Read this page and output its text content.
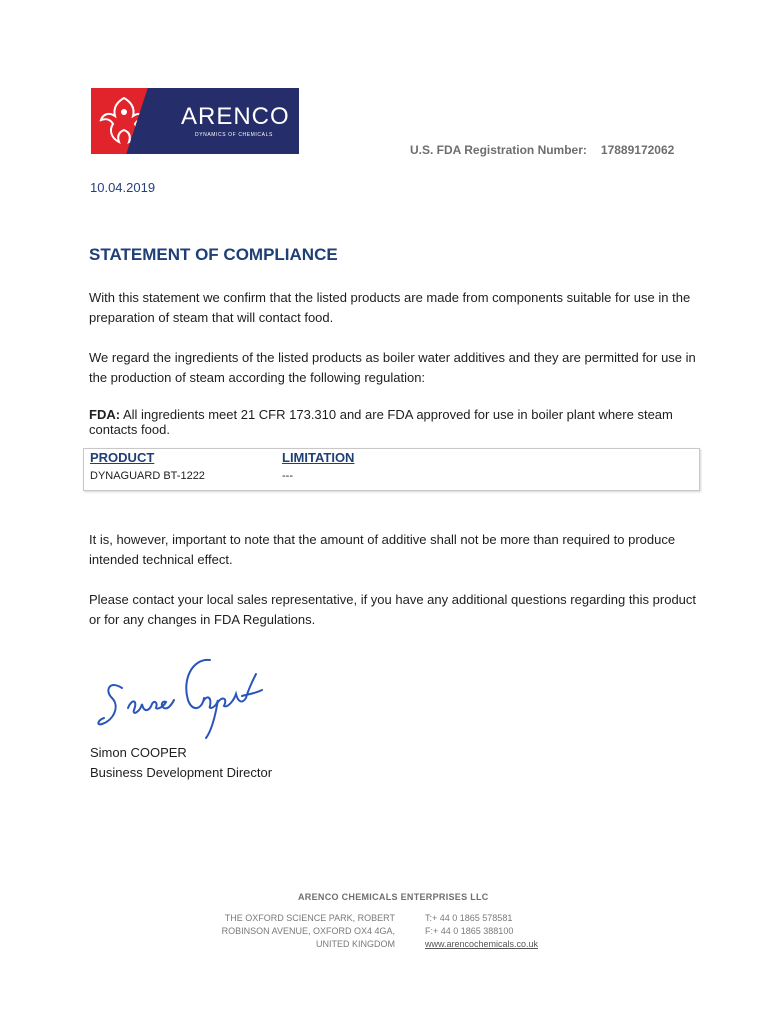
ARENCO
DYNAMICS OF CHEMICALS
U.S. FDA Registration Number: 17889172062
10.04.2019
STATEMENT OF COMPLIANCE
With this statement we confirm that the listed products are made from components suitable for use in the preparation of steam that will contact food.
We regard the ingredients of the listed products as boiler water additives and they are permitted for use in the production of steam according the following regulation:
FDA: All ingredients meet 21 CFR 173.310 and are FDA approved for use in boiler plant where steam contacts food.
PRODUCT	LIMITATION
DYNAGUARD BT-1222	---
It is, however, important to note that the amount of additive shall not be more than required to produce intended technical effect.
Please contact your local sales representative, if you have any additional questions regarding this product or for any changes in FDA Regulations.
Simon COOPER
Business Development Director
ARENCO CHEMICALS ENTERPRISES LLC
THE OXFORD SCIENCE PARK, ROBERT
ROBINSON AVENUE, OXFORD OX4 4GA,
UNITED KINGDOM
T:+ 44 0 1865 578581
F:+ 44 0 1865 388100
www.arencochemicals.co.uk
